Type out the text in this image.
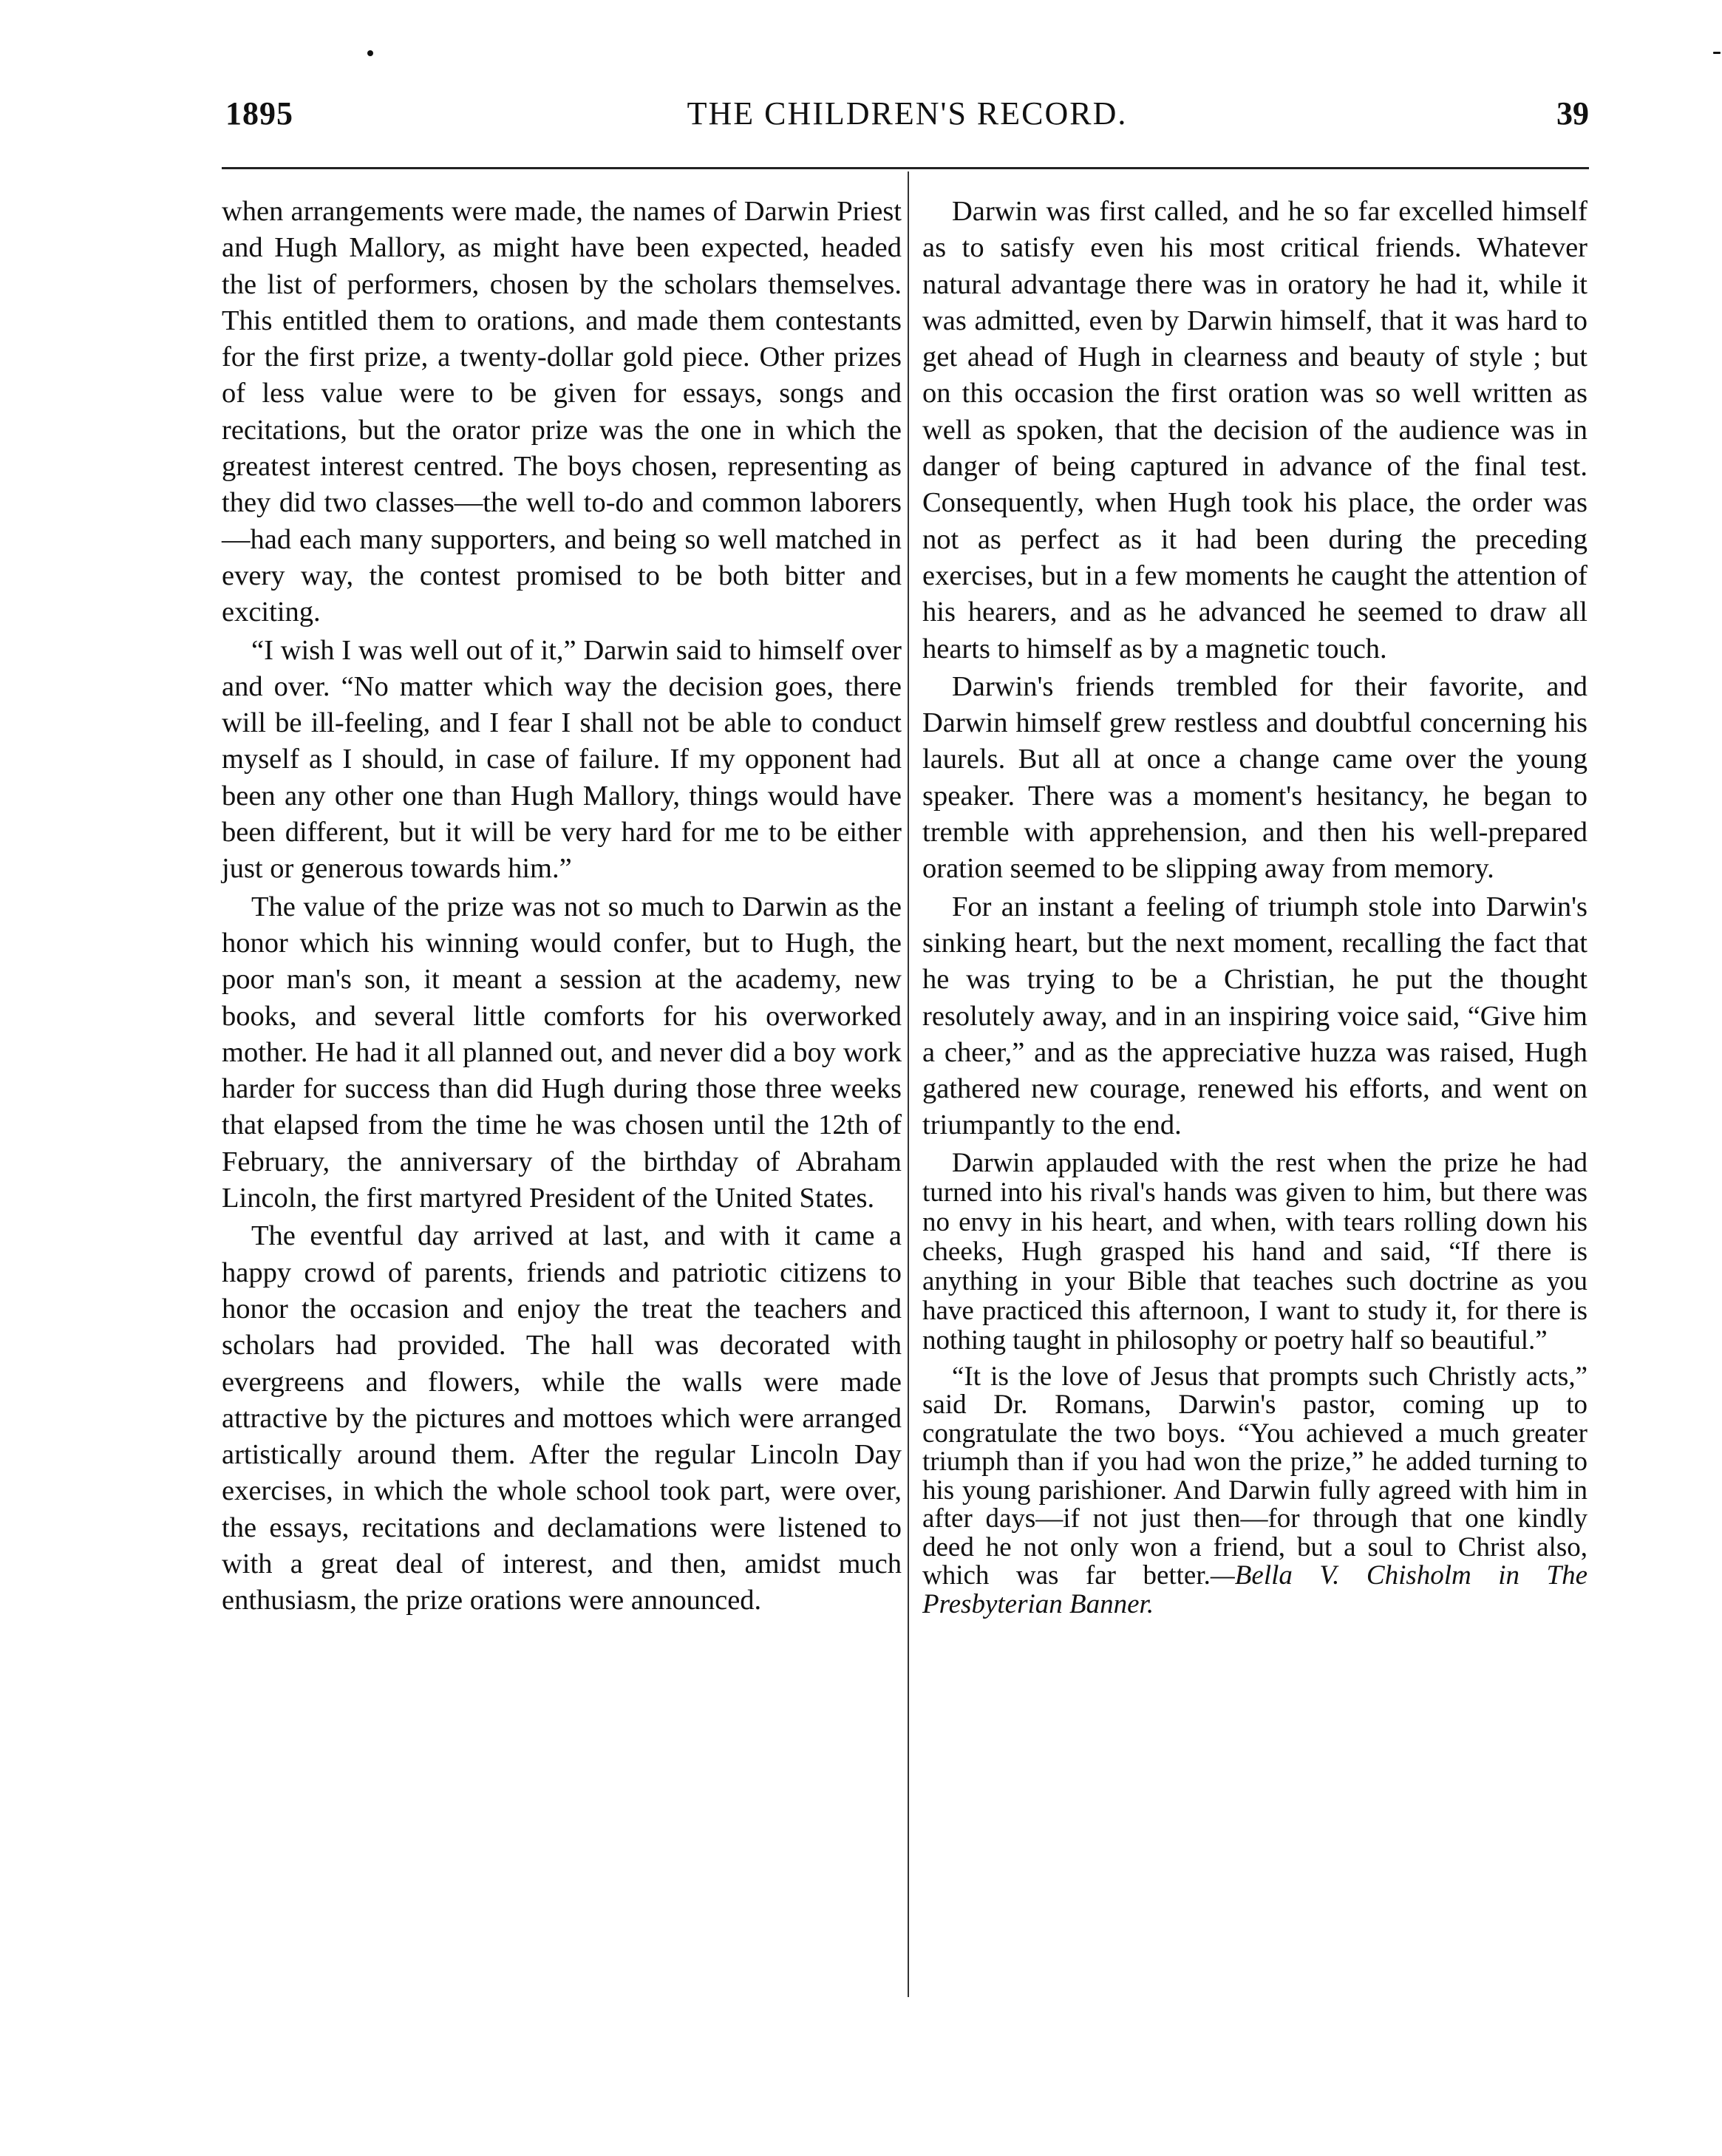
1895	THE CHILDREN'S RECORD.	39

when arrangements were made, the names of Darwin Priest and Hugh Mallory, as might have been expected, headed the list of performers, chosen by the scholars themselves. This entitled them to orations, and made them contestants for the first prize, a twenty-dollar gold piece. Other prizes of less value were to be given for essays, songs and recitations, but the orator prize was the one in which the greatest interest centred. The boys chosen, representing as they did two classes—the well to-do and common laborers—had each many supporters, and being so well matched in every way, the contest promised to be both bitter and exciting.

“I wish I was well out of it,” Darwin said to himself over and over. “No matter which way the decision goes, there will be ill-feeling, and I fear I shall not be able to conduct myself as I should, in case of failure. If my opponent had been any other one than Hugh Mallory, things would have been different, but it will be very hard for me to be either just or generous towards him.”

The value of the prize was not so much to Darwin as the honor which his winning would confer, but to Hugh, the poor man's son, it meant a session at the academy, new books, and several little comforts for his overworked mother. He had it all planned out, and never did a boy work harder for success than did Hugh during those three weeks that elapsed from the time he was chosen until the 12th of February, the anniversary of the birthday of Abraham Lincoln, the first martyred President of the United States.

The eventful day arrived at last, and with it came a happy crowd of parents, friends and patriotic citizens to honor the occasion and enjoy the treat the teachers and scholars had provided. The hall was decorated with evergreens and flowers, while the walls were made attractive by the pictures and mottoes which were arranged artistically around them. After the regular Lincoln Day exercises, in which the whole school took part, were over, the essays, recitations and declamations were listened to with a great deal of interest, and then, amidst much enthusiasm, the prize orations were announced.

Darwin was first called, and he so far excelled himself as to satisfy even his most critical friends. Whatever natural advantage there was in oratory he had it, while it was admitted, even by Darwin himself, that it was hard to get ahead of Hugh in clearness and beauty of style ; but on this occasion the first oration was so well written as well as spoken, that the decision of the audience was in danger of being captured in advance of the final test. Consequently, when Hugh took his place, the order was not as perfect as it had been during the preceding exercises, but in a few moments he caught the attention of his hearers, and as he advanced he seemed to draw all hearts to himself as by a magnetic touch.

Darwin's friends trembled for their favorite, and Darwin himself grew restless and doubtful concerning his laurels. But all at once a change came over the young speaker. There was a moment's hesitancy, he began to tremble with apprehension, and then his well-prepared oration seemed to be slipping away from memory.

For an instant a feeling of triumph stole into Darwin's sinking heart, but the next moment, recalling the fact that he was trying to be a Christian, he put the thought resolutely away, and in an inspiring voice said, “Give him a cheer,” and as the appreciative huzza was raised, Hugh gathered new courage, renewed his efforts, and went on triumpantly to the end.

Darwin applauded with the rest when the prize he had turned into his rival's hands was given to him, but there was no envy in his heart, and when, with tears rolling down his cheeks, Hugh grasped his hand and said, “If there is anything in your Bible that teaches such doctrine as you have practiced this afternoon, I want to study it, for there is nothing taught in philosophy or poetry half so beautiful.”

“It is the love of Jesus that prompts such Christly acts,” said Dr. Romans, Darwin's pastor, coming up to congratulate the two boys. “You achieved a much greater triumph than if you had won the prize,” he added turning to his young parishioner. And Darwin fully agreed with him in after days—if not just then—for through that one kindly deed he not only won a friend, but a soul to Christ also, which was far better.—Bella V. Chisholm in The Presbyterian Banner.
